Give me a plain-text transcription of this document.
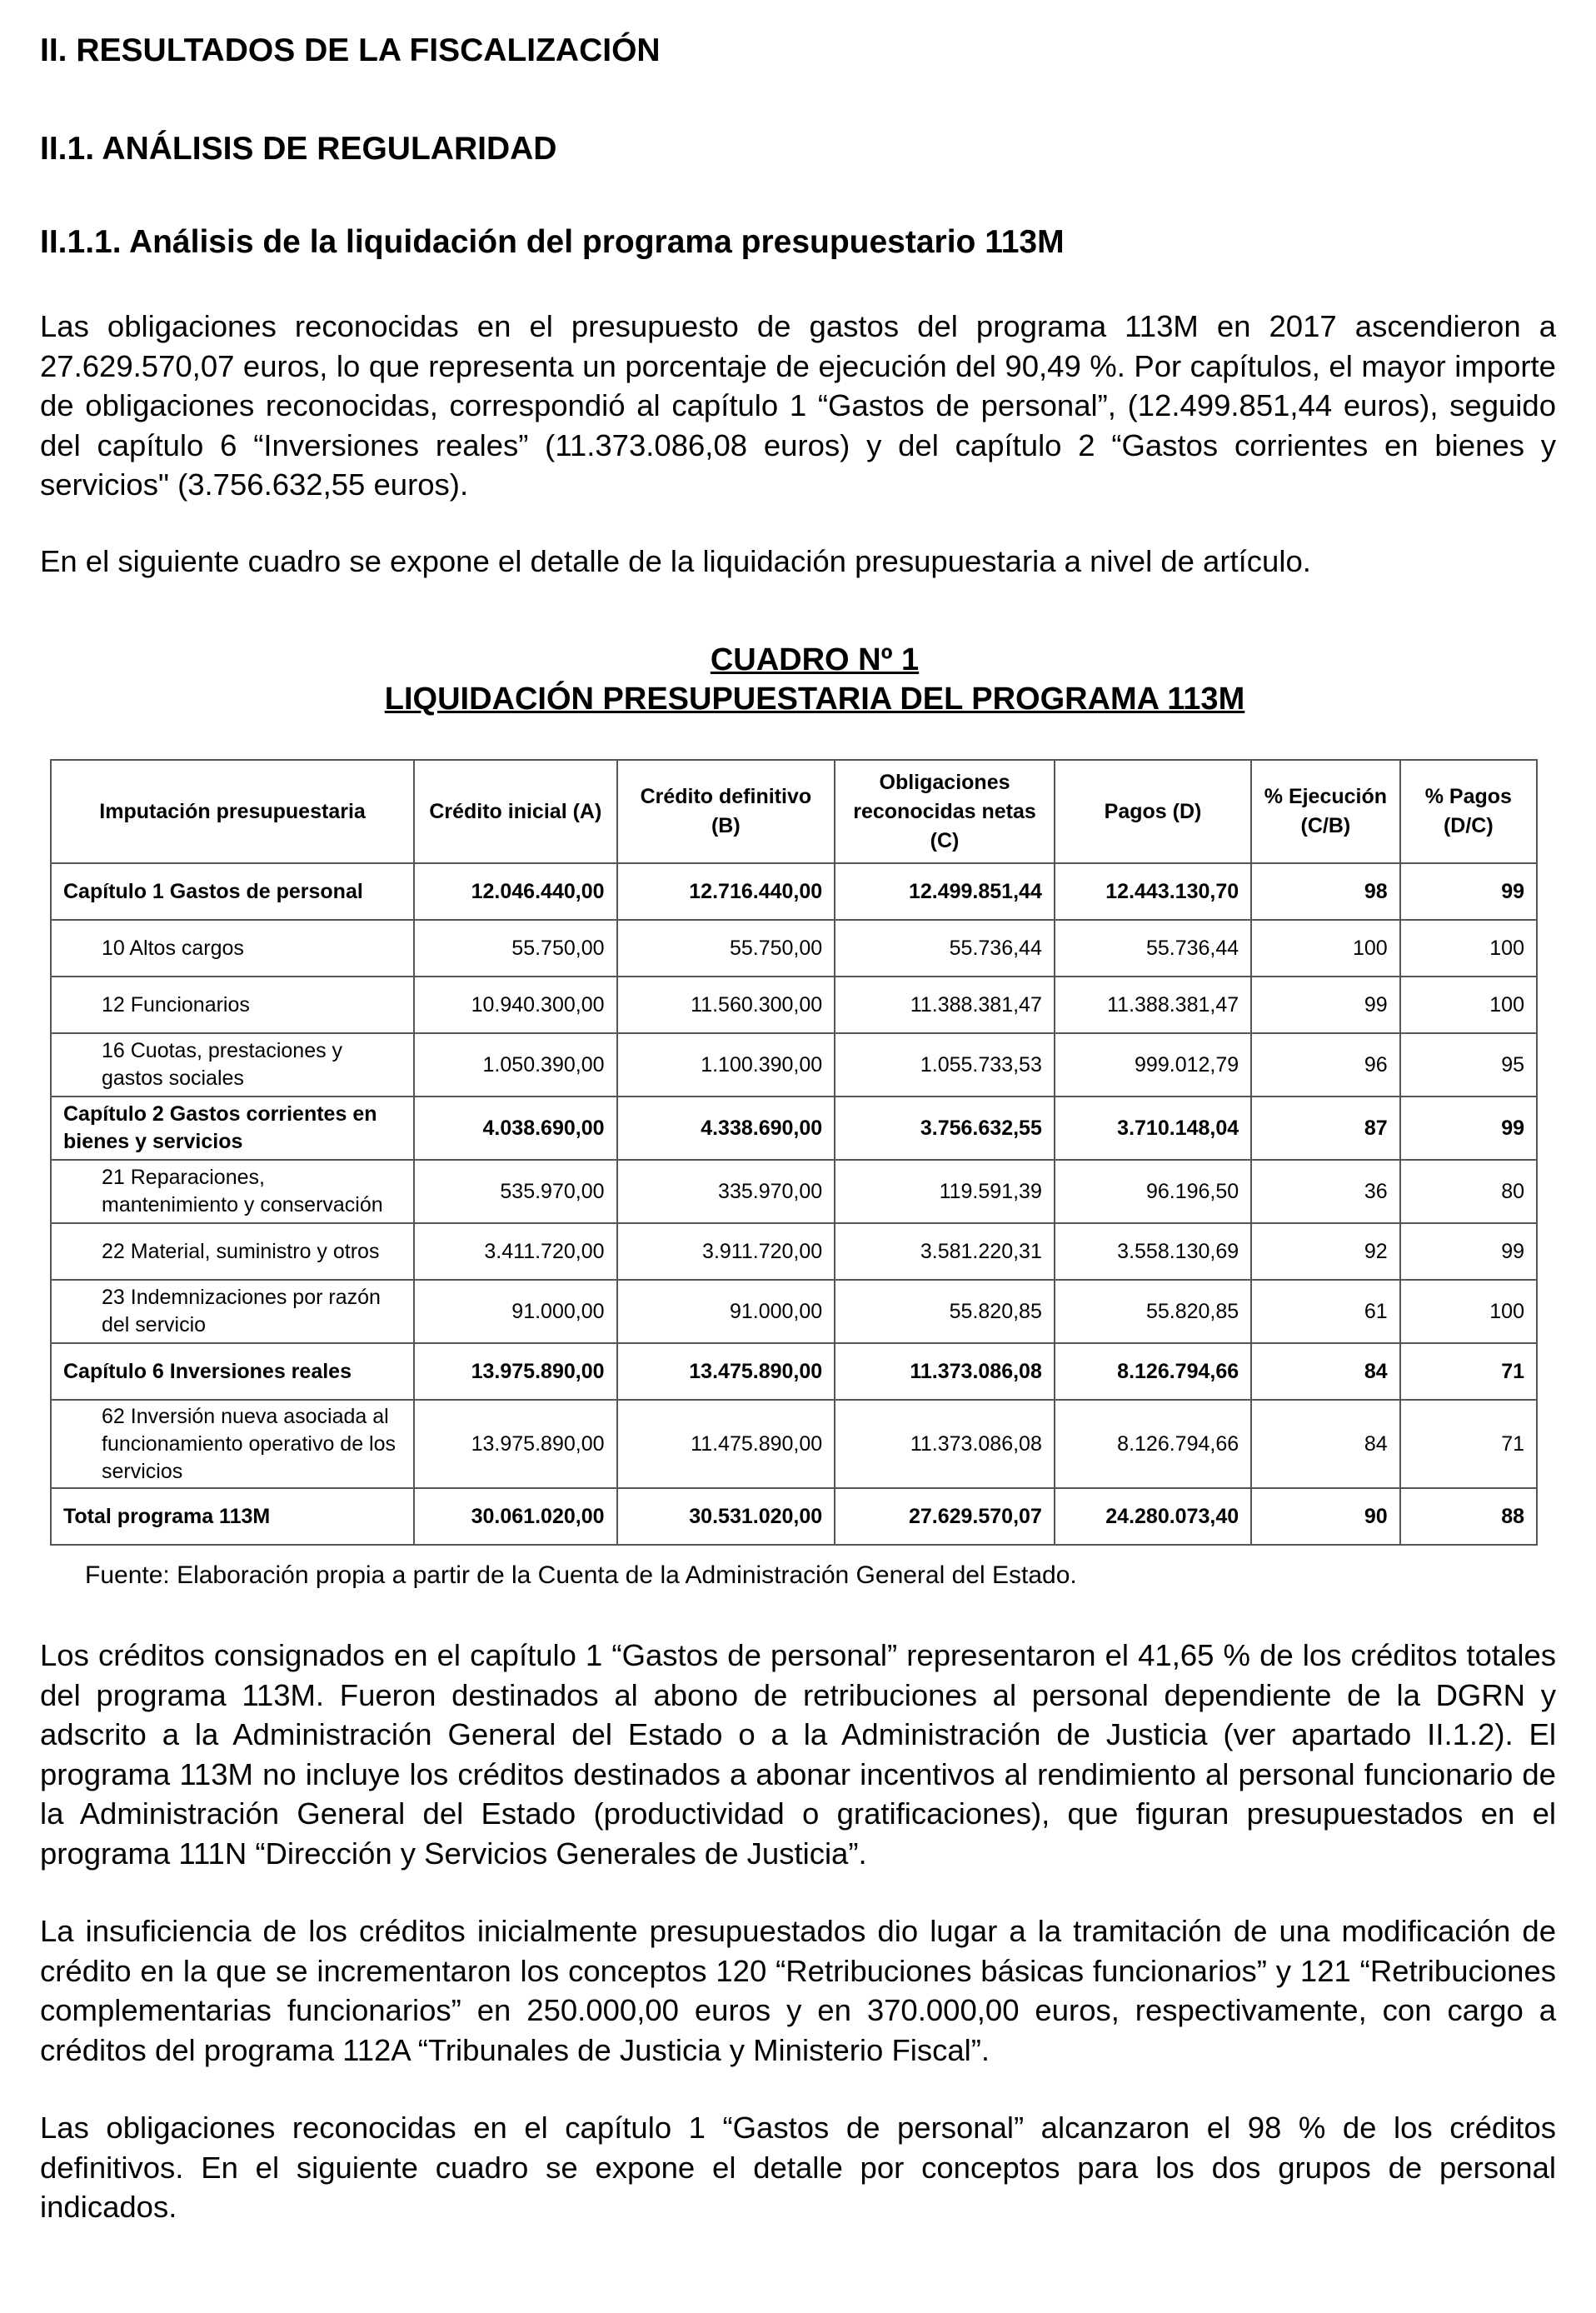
II. RESULTADOS DE LA FISCALIZACIÓN
II.1. ANÁLISIS DE REGULARIDAD
II.1.1. Análisis de la liquidación del programa presupuestario 113M

Las obligaciones reconocidas en el presupuesto de gastos del programa 113M en 2017 ascendieron a 27.629.570,07 euros, lo que representa un porcentaje de ejecución del 90,49 %. Por capítulos, el mayor importe de obligaciones reconocidas, correspondió al capítulo 1 “Gastos de personal”, (12.499.851,44 euros), seguido del capítulo 6 “Inversiones reales” (11.373.086,08 euros) y del capítulo 2 “Gastos corrientes en bienes y servicios" (3.756.632,55 euros).

En el siguiente cuadro se expone el detalle de la liquidación presupuestaria a nivel de artículo.

CUADRO Nº 1
LIQUIDACIÓN PRESUPUESTARIA DEL PROGRAMA 113M
Imputación presupuestaria	Crédito inicial (A)	Crédito definitivo (B)	Obligaciones reconocidas netas (C)	Pagos (D)	% Ejecución (C/B)	% Pagos (D/C)
Capítulo 1 Gastos de personal	12.046.440,00	12.716.440,00	12.499.851,44	12.443.130,70	98	99
10 Altos cargos	55.750,00	55.750,00	55.736,44	55.736,44	100	100
12 Funcionarios	10.940.300,00	11.560.300,00	11.388.381,47	11.388.381,47	99	100
16 Cuotas, prestaciones y gastos sociales	1.050.390,00	1.100.390,00	1.055.733,53	999.012,79	96	95
Capítulo 2 Gastos corrientes en bienes y servicios	4.038.690,00	4.338.690,00	3.756.632,55	3.710.148,04	87	99
21 Reparaciones, mantenimiento y conservación	535.970,00	335.970,00	119.591,39	96.196,50	36	80
22 Material, suministro y otros	3.411.720,00	3.911.720,00	3.581.220,31	3.558.130,69	92	99
23 Indemnizaciones por razón del servicio	91.000,00	91.000,00	55.820,85	55.820,85	61	100
Capítulo 6 Inversiones reales	13.975.890,00	13.475.890,00	11.373.086,08	8.126.794,66	84	71
62 Inversión nueva asociada al funcionamiento operativo de los servicios	13.975.890,00	11.475.890,00	11.373.086,08	8.126.794,66	84	71
Total programa 113M	30.061.020,00	30.531.020,00	27.629.570,07	24.280.073,40	90	88
Fuente: Elaboración propia a partir de la Cuenta de la Administración General del Estado.

Los créditos consignados en el capítulo 1 “Gastos de personal” representaron el 41,65 % de los créditos totales del programa 113M. Fueron destinados al abono de retribuciones al personal dependiente de la DGRN y adscrito a la Administración General del Estado o a la Administración de Justicia (ver apartado II.1.2). El programa 113M no incluye los créditos destinados a abonar incentivos al rendimiento al personal funcionario de la Administración General del Estado (productividad o gratificaciones), que figuran presupuestados en el programa 111N “Dirección y Servicios Generales de Justicia”.

La insuficiencia de los créditos inicialmente presupuestados dio lugar a la tramitación de una modificación de crédito en la que se incrementaron los conceptos 120 “Retribuciones básicas funcionarios” y 121 “Retribuciones complementarias funcionarios” en 250.000,00 euros y en 370.000,00 euros, respectivamente, con cargo a créditos del programa 112A “Tribunales de Justicia y Ministerio Fiscal”.

Las obligaciones reconocidas en el capítulo 1 “Gastos de personal” alcanzaron el 98 % de los créditos definitivos. En el siguiente cuadro se expone el detalle por conceptos para los dos grupos de personal indicados.
